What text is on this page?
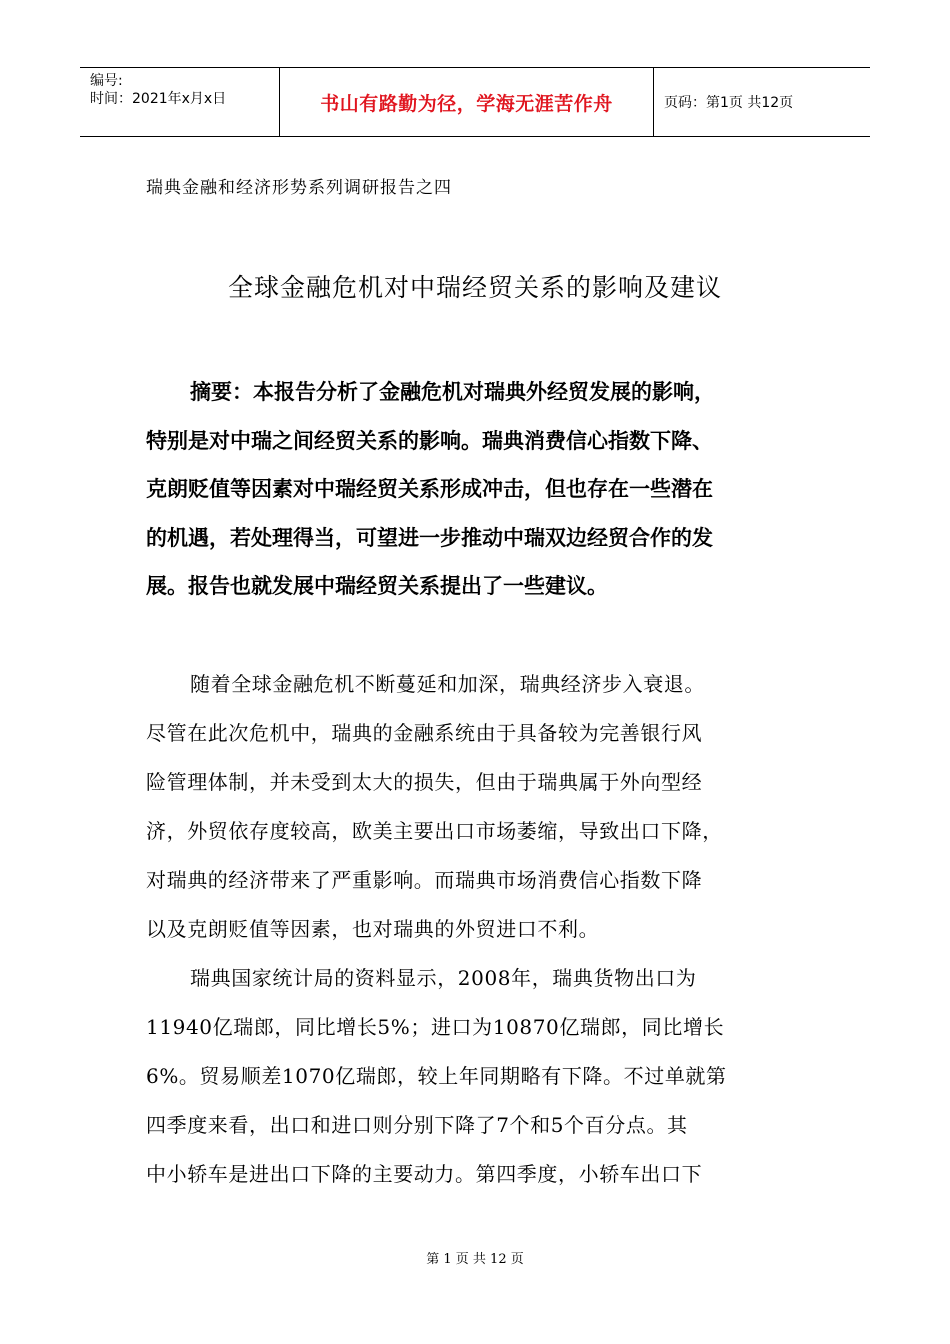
编号:
时间：2021年x月x日	书山有路勤为径，学海无涯苦作舟	页码：第1页 共12页
瑞典金融和经济形势系列调研报告之四
全球金融危机对中瑞经贸关系的影响及建议
摘要：本报告分析了金融危机对瑞典外经贸发展的影响，
特别是对中瑞之间经贸关系的影响。瑞典消费信心指数下降、
克朗贬值等因素对中瑞经贸关系形成冲击，但也存在一些潜在
的机遇，若处理得当，可望进一步推动中瑞双边经贸合作的发
展。报告也就发展中瑞经贸关系提出了一些建议。

随着全球金融危机不断蔓延和加深，瑞典经济步入衰退。
尽管在此次危机中，瑞典的金融系统由于具备较为完善银行风
险管理体制，并未受到太大的损失，但由于瑞典属于外向型经
济，外贸依存度较高，欧美主要出口市场萎缩，导致出口下降，
对瑞典的经济带来了严重影响。而瑞典市场消费信心指数下降
以及克朗贬值等因素，也对瑞典的外贸进口不利。

瑞典国家统计局的资料显示，2008年，瑞典货物出口为
11940亿瑞郎，同比增长5%；进口为10870亿瑞郎，同比增长
6%。贸易顺差1070亿瑞郎，较上年同期略有下降。不过单就第
四季度来看，出口和进口则分别下降了7个和5个百分点。其
中小轿车是进出口下降的主要动力。第四季度，小轿车出口下

第 1 页 共 12 页
